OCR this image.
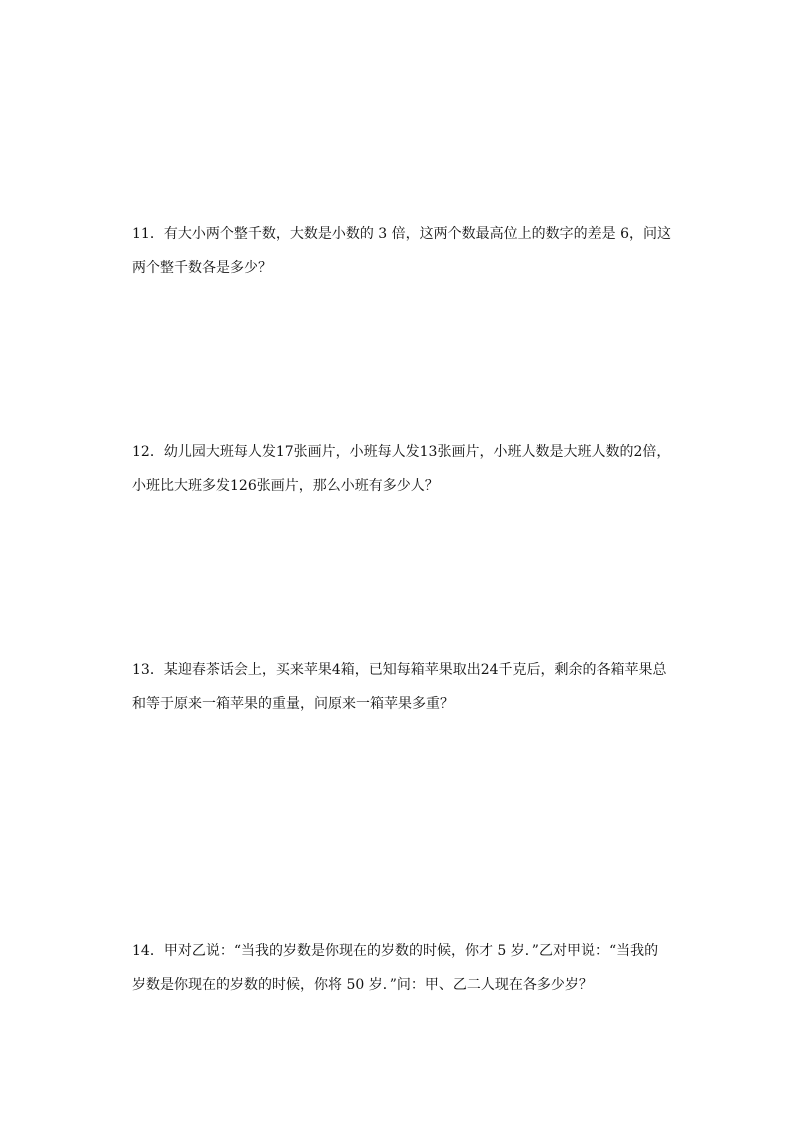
11．有大小两个整千数，大数是小数的 3 倍，这两个数最高位上的数字的差是 6，问这
两个整千数各是多少？
12．幼儿园大班每人发17张画片，小班每人发13张画片，小班人数是大班人数的2倍，
小班比大班多发126张画片，那么小班有多少人？
13．某迎春茶话会上，买来苹果4箱，已知每箱苹果取出24千克后，剩余的各箱苹果总
和等于原来一箱苹果的重量，问原来一箱苹果多重？
14．甲对乙说：“当我的岁数是你现在的岁数的时候，你才 5 岁．”乙对甲说：“当我的
岁数是你现在的岁数的时候，你将 50 岁．”问：甲、乙二人现在各多少岁？
